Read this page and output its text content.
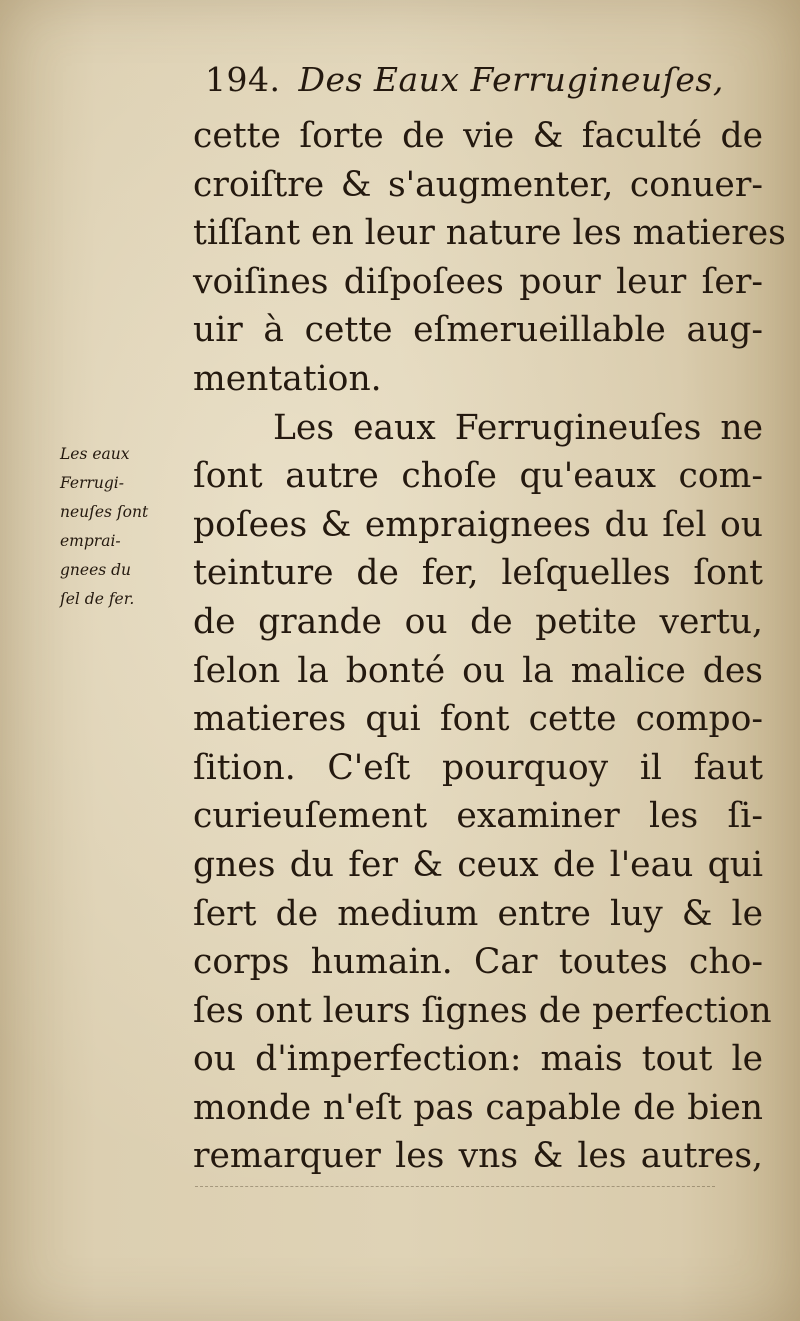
194. Des Eaux Ferrugineuſes,
Les eaux
Ferrugi-
neuſes ſont
emprai-
gnees du
ſel de fer.
cette ſorte de vie & faculté de
croiſtre & s'augmenter, conuer-
tiſſant en leur nature les matieres
voiſines diſpoſees pour leur ſer-
uir à cette eſmerueillable aug-
mentation.
Les eaux Ferrugineuſes ne
ſont autre choſe qu'eaux com-
poſees & empraignees du ſel ou
teinture de fer, leſquelles ſont
de grande ou de petite vertu,
ſelon la bonté ou la malice des
matieres qui font cette compo-
ſition. C'eſt pourquoy il faut
curieuſement examiner les ſi-
gnes du fer & ceux de l'eau qui
ſert de medium entre luy & le
corps humain. Car toutes cho-
ſes ont leurs ſignes de perfection
ou d'imperfection: mais tout le
monde n'eſt pas capable de bien
remarquer les vns & les autres,
